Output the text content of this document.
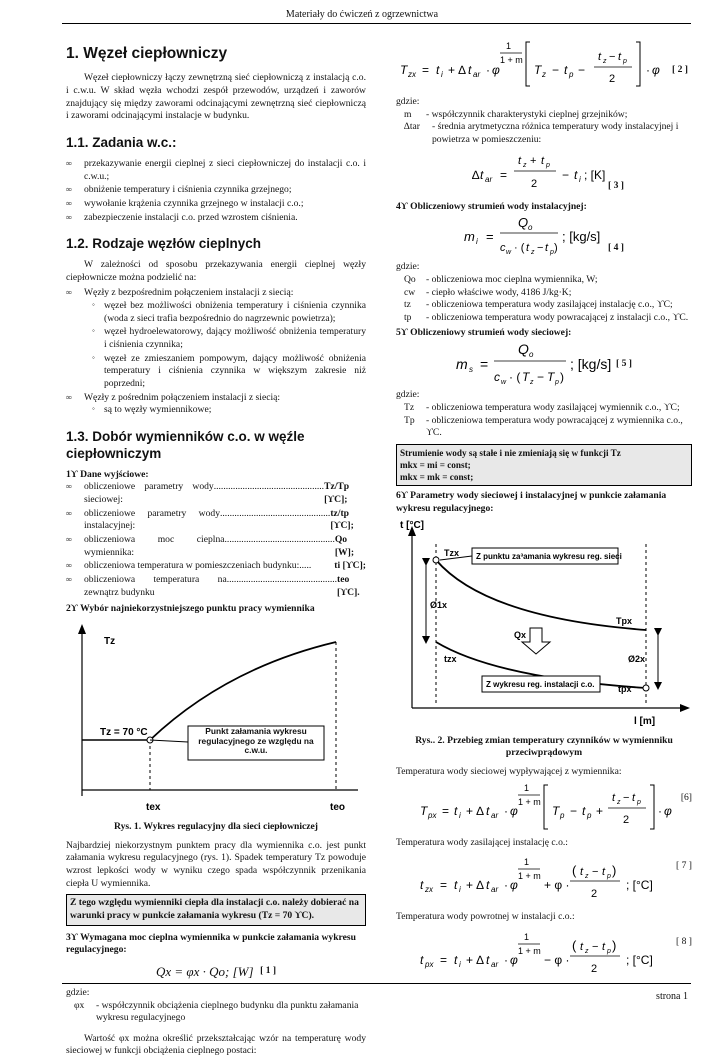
Materiały do ćwiczeń z ogrzewnictwa
1. Węzeł ciepłowniczy

Węzeł ciepłowniczy łączy zewnętrzną sieć ciepłowniczą z instalacją c.o. i c.w.u. W skład węzła wchodzi zespół przewodów, urządzeń i zaworów znajdujący się między zaworami odcinającymi zewnętrzną sieć ciepłowniczą i zaworami odcinającymi instalacje w budynku.

1.1. Zadania w.c.:
∞ przekazywanie energii cieplnej z sieci ciepłowniczej do instalacji c.o. i c.w.u.;
∞ obniżenie temperatury i ciśnienia czynnika grzejnego;
∞ wywołanie krążenia czynnika grzejnego w instalacji c.o.;
∞ zabezpieczenie instalacji c.o. przed wzrostem ciśnienia.
1.2. Rodzaje węzłów cieplnych

W zależności od sposobu przekazywania energii cieplnej węzły ciepłownicze można podzielić na:

∞ Węzły z bezpośrednim połączeniem instalacji z siecią:
◦ węzeł bez możliwości obniżenia temperatury i ciśnienia czynnika (woda z sieci trafia bezpośrednio do nagrzewnic powietrza);
◦ węzeł hydroelewatorowy, dający możliwość obniżenia temperatury i ciśnienia czynnika;
◦ węzeł ze zmieszaniem pompowym, dający możliwość obniżenia temperatury i ciśnienia czynnika w większym zakresie niż poprzedni;
∞ Węzły z pośrednim połączeniem instalacji z siecią:
◦ są to węzły wymiennikowe;
1.3. Dobór wymienników c.o. w węźle ciepłowniczym
1ϒ Dane wyjściowe:
∞ obliczeniowe parametry wody sieciowej:
.............................................. Tz/Tp [ϒC];
∞ obliczeniowe parametry wody instalacyjnej:
.............................................. tz/tp [ϒC];
∞ obliczeniowa moc cieplna wymiennika:
.............................................. Qo [W];
∞ obliczeniowa temperatura w pomieszczeniach budynku: .....	ti [ϒC];
∞ obliczeniowa temperatura na zewnątrz budynku
.............................................. teo [ϒC].
2ϒ Wybór najniekorzystniejszego punktu pracy wymiennika
Tz
Tz = 70 °C	Punkt załamania wykresu regulacyjnego ze względu na c.w.u.
tex	teo
Rys. 1. Wykres regulacyjny dla sieci ciepłowniczej

Najbardziej niekorzystnym punktem pracy dla wymiennika c.o. jest punkt załamania wykresu regulacyjnego (rys. 1). Spadek temperatury Tz powoduje wzrost lepkości wody w wyniku czego spada współczynnik przenikania ciepła U wymiennika.

Z tego względu wymienniki ciepła dla instalacji c.o. należy dobierać na warunki pracy w punkcie załamania wykresu (Tz = 70 ϒC).
3ϒ Wymagana moc cieplna wymiennika w punkcie załamania wykresu regulacyjnego:
Qx = φx · Qo; [W] [ 1 ]
gdzie:
φx	- współczynnik obciążenia cieplnego budynku dla punktu załamania wykresu regulacyjnego

Wartość φx można określić przekształcając wzór na temperaturę wody sieciowej w funkcji obciążenia cieplnego postaci:

T zx = t i + ∆ t ar · φ
1
1 + m
T z − t p −
t z − t p
2
· φ [ 2 ]
gdzie:
m	- współczynnik charakterystyki cieplnej grzejników;
∆tar	- średnia arytmetyczna różnica temperatury wody instalacyjnej i powietrza w pomieszczeniu:
∆ t ar =
t z + t p
2
− t i ; [K]
[ 3 ]
4ϒ Obliczeniowy strumień wody instalacyjnej:
m i =
Q o
c w · ( t z − t p )
; [kg/s]
[ 4 ]
gdzie:
Qo	- obliczeniowa moc cieplna wymiennika, W;
cw	- ciepło właściwe wody, 4186 J/kg·K;
tz	- obliczeniowa temperatura wody zasilającej instalację c.o., ϒC;
tp	- obliczeniowa temperatura wody powracającej z instalacji c.o., ϒC.
5ϒ Obliczeniowy strumień wody sieciowej:
m s =
Q o
c w · ( T z − T p )
; [kg/s] [ 5 ]
gdzie:
Tz	- obliczeniowa temperatura wody zasilającej wymiennik c.o., ϒC;
Tp	- obliczeniowa temperatura wody powracającej z wymiennika c.o., ϒC.
Strumienie wody są stałe i nie zmieniają się w funkcji Tz
mkx = mi = const;
mkx = mk = const;
6ϒ Parametry wody sieciowej i instalacyjnej w punkcie załamania wykresu regulacyjnego:
t [°C]
l [m]
Tzx
Tpx
tzx
tpx
Ø1x
Ø2x
Qx
Z punktu za³amania wykresu reg. sieci
Z wykresu reg. instalacji c.o.
Rys.. 2. Przebieg zmian temperatury czynników w wymienniku przeciwprądowym
Temperatura wody sieciowej wypływającej z wymiennika:
T px = t i + ∆ t ar · φ
1
1 + m
T p − t p +
t z − t p
2
· φ
[6]
Temperatura wody zasilającej instalację c.o.:
t zx = t i + ∆ t ar · φ
1
1 + m
+ φ ·
( t z − t p )
2
; [°C]
[ 7 ]
Temperatura wody powrotnej w instalacji c.o.:
t px = t i + ∆ t ar · φ
1
1 + m
− φ ·
( t z − t p )
2
; [°C]
[ 8 ]
strona 1
